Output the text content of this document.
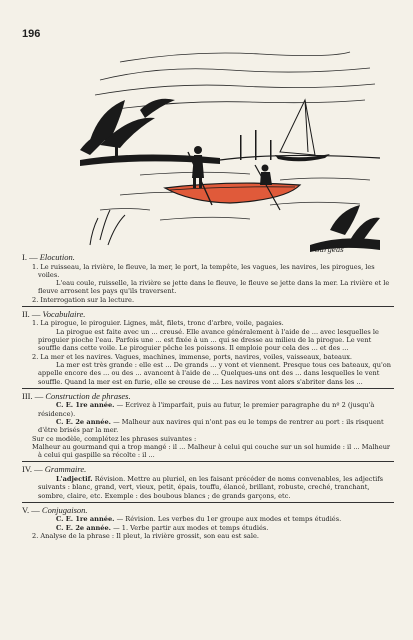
196
Sargeas
I. — Elocution.
1. Le ruisseau, la rivière, le fleuve, la mer, le port, la tempête, les vagues, les navires, les pirogues, les voiles.
L'eau coule, ruisselle, la rivière se jette dans le fleuve, le fleuve se jette dans la mer. La rivière et le fleuve arrosent les pays qu'ils traversent.
2. Interrogation sur la lecture.
II. — Vocabulaire.
1. La pirogue, le piroguier. Lignes, mât, filets, tronc d'arbre, voile, pagaies.
La pirogue est faite avec un ... creusé. Elle avance généralement à l'aide de ... avec lesquelles le piroguier pioche l'eau. Parfois une ... est fixée à un ... qui se dresse au milieu de la pirogue. Le vent souffle dans cette voile. Le piroguier pêche les poissons. Il emploie pour cela des ... et des ...
2. La mer et les navires. Vagues, machines, immense, ports, navires, voiles, vaisseaux, bateaux.
La mer est très grande : elle est ... De grands ... y vont et viennent. Presque tous ces bateaux, qu'on appelle encore des ... ou des ... avancent à l'aide de ... Quelques-uns ont des ... dans lesquelles le vent souffle. Quand la mer est en furie, elle se creuse de ... Les navires vont alors s'abriter dans les ...
III. — Construction de phrases.
C. E. 1re année. — Ecrivez à l'imparfait, puis au futur, le premier paragraphe du nº 2 (jusqu'à résidence).
C. E. 2e année. — Malheur aux navires qui n'ont pas eu le temps de rentrer au port : ils risquent d'être brisés par la mer.
Sur ce modèle, complétez les phrases suivantes :
Malheur au gourmand qui a trop mangé : il ... Malheur à celui qui couche sur un sol humide : il ... Malheur à celui qui gaspille sa récolte : il ...
IV. — Grammaire.
L'adjectif. Révision. Mettre au pluriel, en les faisant précéder de noms convenables, les adjectifs suivants : blanc, grand, vert, vieux, petit, épais, touffu, élancé, brillant, robuste, creché, tranchant, sombre, claire, etc. Exemple : des boubous blancs ; de grands garçons, etc.
V. — Conjugaison.
C. E. 1re année. — Révision. Les verbes du 1er groupe aux modes et temps étudiés.
C. E. 2e année. — 1. Verbe partir aux modes et temps étudiés.
2. Analyse de la phrase : Il pleut, la rivière grossit, son eau est sale.
